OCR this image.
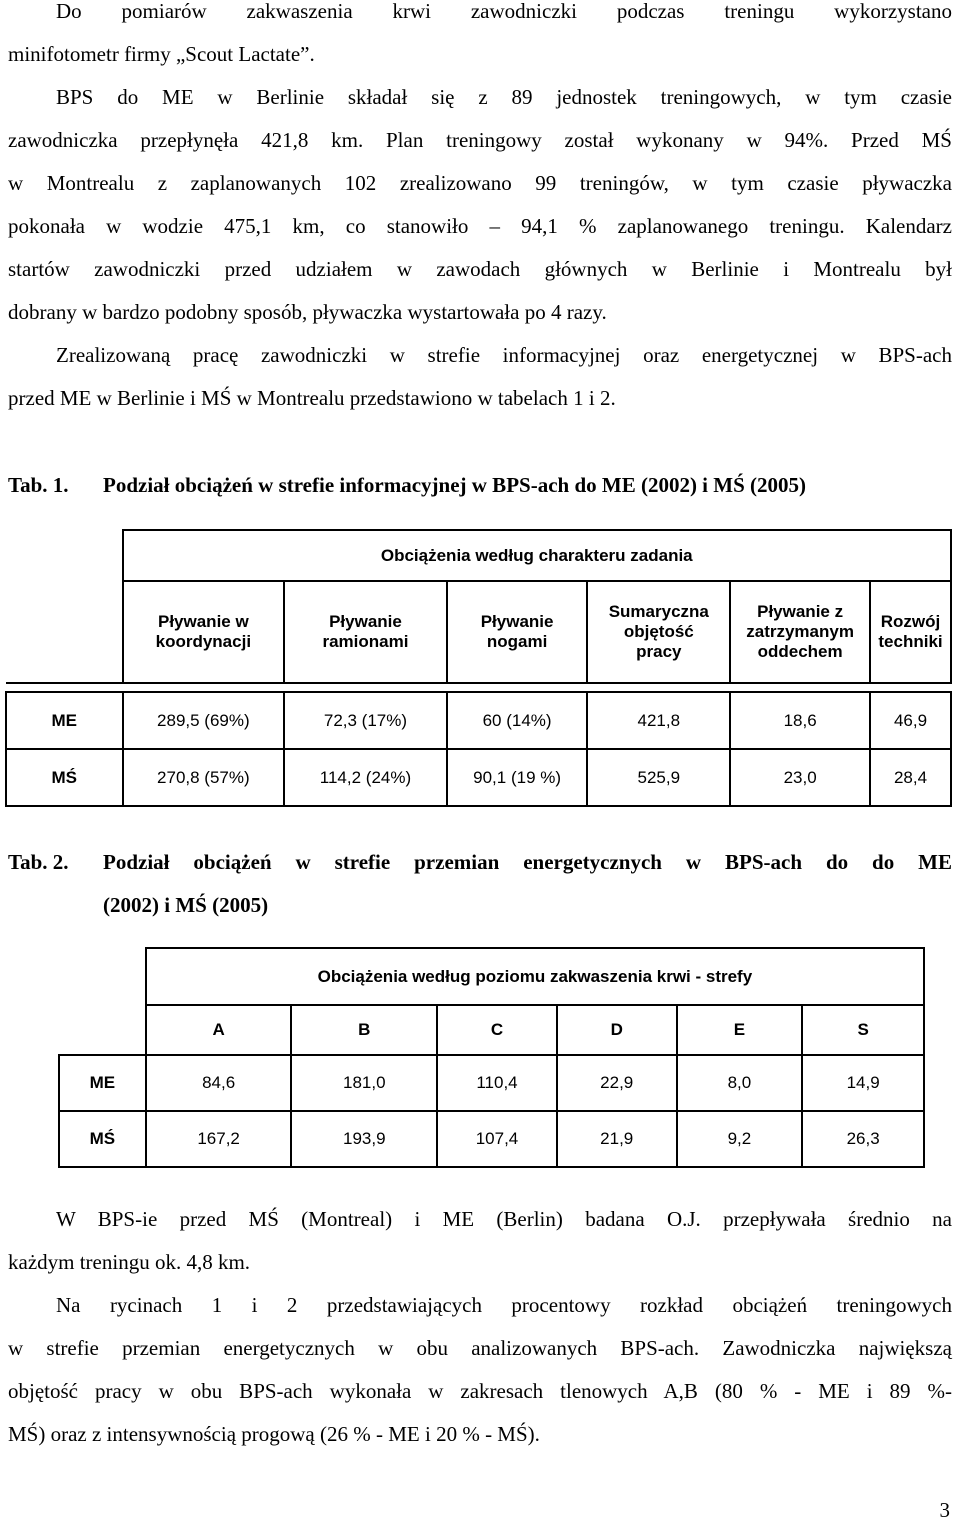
Do pomiarów zakwaszenia krwi zawodniczki podczas treningu wykorzystano
minifotometr firmy „Scout Lactate”.
BPS do ME w Berlinie składał się z 89 jednostek treningowych, w tym czasie
zawodniczka przepłynęła 421,8 km. Plan treningowy został wykonany w 94%. Przed MŚ
w Montrealu z zaplanowanych 102 zrealizowano 99 treningów, w tym czasie pływaczka
pokonała w wodzie 475,1 km, co stanowiło – 94,1 % zaplanowanego treningu. Kalendarz
startów zawodniczki przed udziałem w zawodach głównych w Berlinie i Montrealu był
dobrany w bardzo podobny sposób, pływaczka wystartowała po 4 razy.
Zrealizowaną pracę zawodniczki w strefie informacyjnej oraz energetycznej w BPS-ach
przed ME w Berlinie i MŚ w Montrealu przedstawiono w tabelach 1 i 2.

Tab. 1. Podział obciążeń w strefie informacyjnej w BPS-ach do ME (2002) i MŚ (2005)

	Obciążenia według charakteru zadania					
	Pływanie w
koordynacji	Pływanie
ramionami	Pływanie
nogami	Sumaryczna
objętość
pracy	Pływanie z
zatrzymanym
oddechem	Rozwój
techniki

ME	289,5 (69%)	72,3 (17%)	60 (14%)	421,8	18,6	46,9
MŚ	270,8 (57%)	114,2 (24%)	90,1 (19 %)	525,9	23,0	28,4

Tab. 2. Podział obciążeń w strefie przemian energetycznych w BPS-ach do do ME

(2002) i MŚ (2005)

	Obciążenia według poziomu zakwaszenia krwi - strefy					
	A	B	C	D	E	S
ME	84,6	181,0	110,4	22,9	8,0	14,9
MŚ	167,2	193,9	107,4	21,9	9,2	26,3
W BPS-ie przed MŚ (Montreal) i ME (Berlin) badana O.J. przepływała średnio na
każdym treningu ok. 4,8 km.
Na rycinach 1 i 2 przedstawiających procentowy rozkład obciążeń treningowych
w strefie przemian energetycznych w obu analizowanych BPS-ach. Zawodniczka największą
objętość pracy w obu BPS-ach wykonała w zakresach tlenowych A,B (80 % - ME i 89 %-
MŚ) oraz z intensywnością progową (26 % - ME i 20 % - MŚ).
3
